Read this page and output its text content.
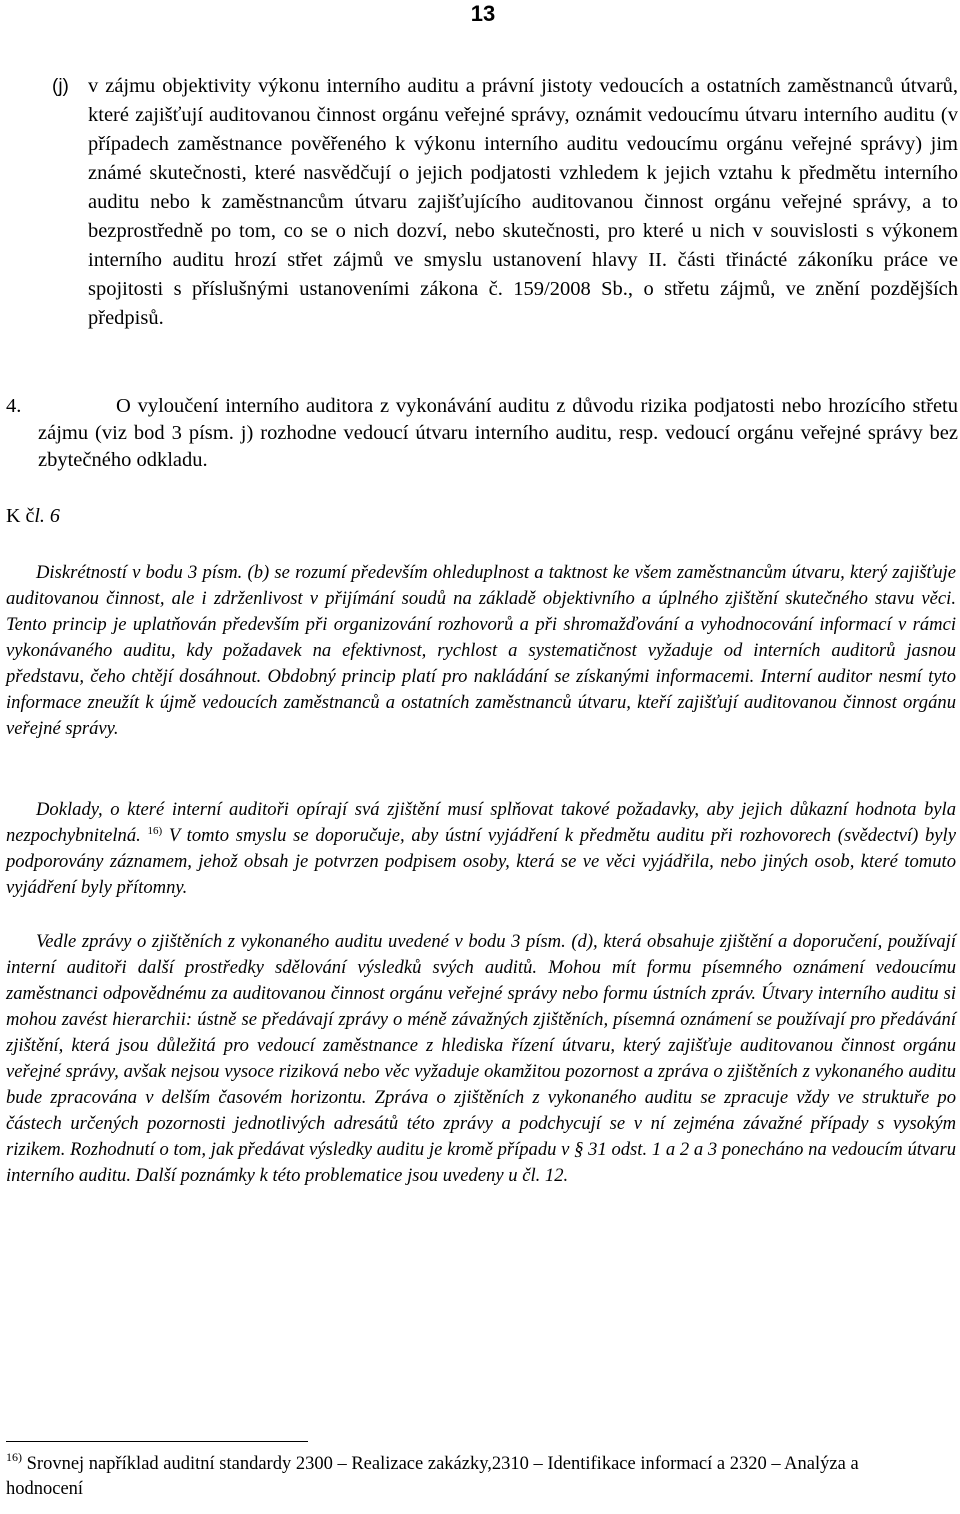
13
(j) v zájmu objektivity výkonu interního auditu a právní jistoty vedoucích a ostatních zaměstnanců útvarů, které zajišťují auditovanou činnost orgánu veřejné správy, oznámit vedoucímu útvaru interního auditu (v případech zaměstnance pověřeného k výkonu interního auditu vedoucímu orgánu veřejné správy) jim známé skutečnosti, které nasvědčují o jejich podjatosti vzhledem k jejich vztahu k předmětu interního auditu nebo k zaměstnancům útvaru zajišťujícího auditovanou činnost orgánu veřejné správy, a to bezprostředně po tom, co se o nich dozví, nebo skutečnosti, pro které u nich v souvislosti s výkonem interního auditu hrozí střet zájmů ve smyslu ustanovení hlavy II. části třinácté zákoníku práce ve spojitosti s příslušnými ustanoveními zákona č. 159/2008 Sb., o střetu zájmů, ve znění pozdějších předpisů.
4.	O vyloučení interního auditora z vykonávání auditu z důvodu rizika podjatosti nebo hrozícího střetu zájmu (viz bod 3 písm. j) rozhodne vedoucí útvaru interního auditu, resp. vedoucí orgánu veřejné správy bez zbytečného odkladu.
K čl. 6

Diskrétností v bodu 3 písm. (b) se rozumí především ohleduplnost a taktnost ke všem zaměstnancům útvaru, který zajišťuje auditovanou činnost, ale i zdrženlivost v přijímání soudů na základě objektivního a úplného zjištění skutečného stavu věci. Tento princip je uplatňován především při organizování rozhovorů a při shromažďování a vyhodnocování informací v rámci vykonávaného auditu, kdy požadavek na efektivnost, rychlost a systematičnost vyžaduje od interních auditorů jasnou představu, čeho chtějí dosáhnout. Obdobný princip platí pro nakládání se získanými informacemi. Interní auditor nesmí tyto informace zneužít k újmě vedoucích zaměstnanců a ostatních zaměstnanců útvaru, kteří zajišťují auditovanou činnost orgánu veřejné správy.

Doklady, o které interní auditoři opírají svá zjištění musí splňovat takové požadavky, aby jejich důkazní hodnota byla nezpochybnitelná. $^{16)}$ V tomto smyslu se doporučuje, aby ústní vyjádření k předmětu auditu při rozhovorech (svědectví) byly podporovány záznamem, jehož obsah je potvrzen podpisem osoby, která se ve věci vyjádřila, nebo jiných osob, které tomuto vyjádření byly přítomny.

Vedle zprávy o zjištěních z vykonaného auditu uvedené v bodu 3 písm. (d), která obsahuje zjištění a doporučení, používají interní auditoři další prostředky sdělování výsledků svých auditů. Mohou mít formu písemného oznámení vedoucímu zaměstnanci odpovědnému za auditovanou činnost orgánu veřejné správy nebo formu ústních zpráv. Útvary interního auditu si mohou zavést hierarchii: ústně se předávají zprávy o méně závažných zjištěních, písemná oznámení se používají pro předávání zjištění, která jsou důležitá pro vedoucí zaměstnance z hlediska řízení útvaru, který zajišťuje auditovanou činnost orgánu veřejné správy, avšak nejsou vysoce riziková nebo věc vyžaduje okamžitou pozornost a zpráva o zjištěních z vykonaného auditu bude zpracována v delším časovém horizontu. Zpráva o zjištěních z vykonaného auditu se zpracuje vždy ve struktuře po částech určených pozornosti jednotlivých adresátů této zprávy a podchycují se v ní zejména závažné případy s vysokým rizikem. Rozhodnutí o tom, jak předávat výsledky auditu je kromě případu v § 31 odst. 1 a 2 a 3 ponecháno na vedoucím útvaru interního auditu. Další poznámky k této problematice jsou uvedeny u čl. 12.

$^{16)}$ Srovnej například auditní standardy 2300 – Realizace zakázky,2310 – Identifikace informací a 2320 – Analýza a hodnocení
